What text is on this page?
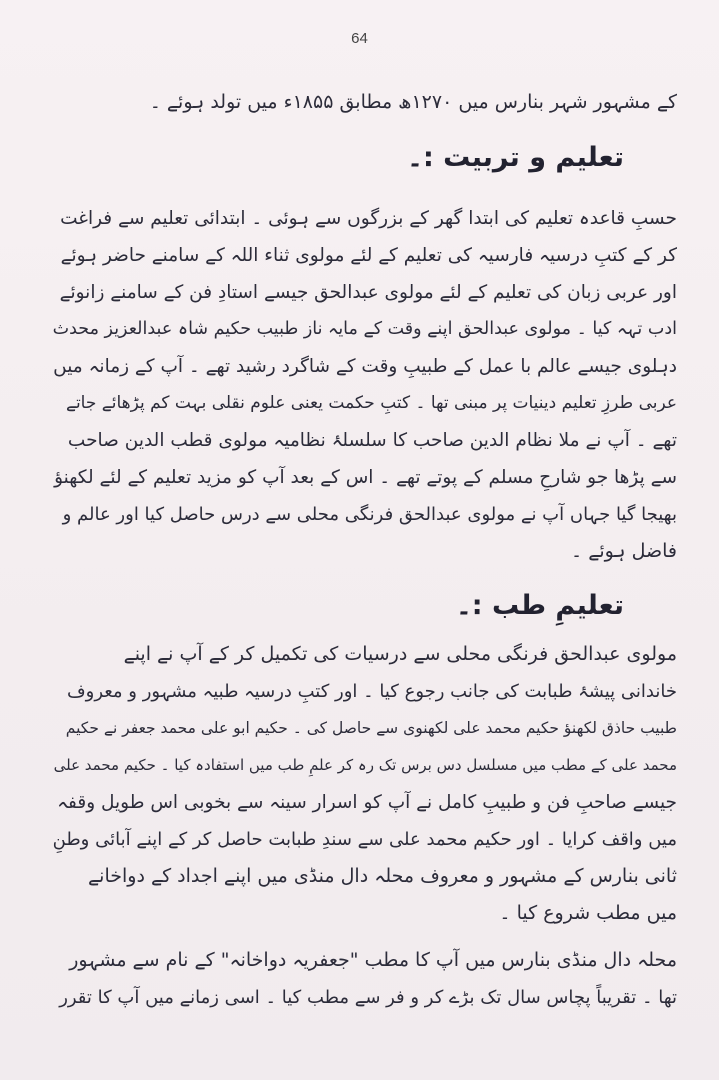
64
کے مشہور شہر بنارس میں ۱۲۷۰ھ مطابق ۱۸۵۵ء میں تولد ہوئے ۔
تعلیم و تربیت :۔
حسبِ قاعدہ تعلیم کی ابتدا گھر کے بزرگوں سے ہوئی ۔ ابتدائی تعلیم سے فراغت
کر کے کتبِ درسیہ فارسیہ کی تعلیم کے لئے مولوی ثناء اللہ کے سامنے حاضر ہوئے
اور عربی زبان کی تعلیم کے لئے مولوی عبدالحق جیسے استادِ فن کے سامنے زانوئے
ادب تہہ کیا ۔ مولوی عبدالحق اپنے وقت کے مایہ ناز طبیب حکیم شاہ عبدالعزیز محدث
دہلوی جیسے عالم با عمل کے طبیبِ وقت کے شاگرد رشید تھے ۔ آپ کے زمانہ میں
عربی طرزِ تعلیم دینیات پر مبنی تھا ۔ کتبِ حکمت یعنی علوم نقلی بہت کم پڑھائے جاتے
تھے ۔ آپ نے ملا نظام الدین صاحب کا سلسلۂ نظامیہ مولوی قطب الدین صاحب
سے پڑھا جو شارحِ مسلم کے پوتے تھے ۔ اس کے بعد آپ کو مزید تعلیم کے لئے لکھنؤ
بھیجا گیا جہاں آپ نے مولوی عبدالحق فرنگی محلی سے درس حاصل کیا اور عالم و
فاضل ہوئے ۔
تعلیمِ طب :۔
مولوی عبدالحق فرنگی محلی سے درسیات کی تکمیل کر کے آپ نے اپنے
خاندانی پیشۂ طبابت کی جانب رجوع کیا ۔ اور کتبِ درسیہ طبیہ مشہور و معروف
طبیب حاذق لکھنؤ حکیم محمد علی لکھنوی سے حاصل کی ۔ حکیم ابو علی محمد جعفر نے حکیم
محمد علی کے مطب میں مسلسل دس برس تک رہ کر علمِ طب میں استفادہ کیا ۔ حکیم محمد علی
جیسے صاحبِ فن و طبیبِ کامل نے آپ کو اسرار سینہ سے بخوبی اس طویل وقفہ
میں واقف کرایا ۔ اور حکیم محمد علی سے سندِ طبابت حاصل کر کے اپنے آبائی وطنِ
ثانی بنارس کے مشہور و معروف محلہ دال منڈی میں اپنے اجداد کے دواخانے
میں مطب شروع کیا ۔
محلہ دال منڈی بنارس میں آپ کا مطب "جعفریہ دواخانہ" کے نام سے مشہور
تھا ۔ تقریباً پچاس سال تک بڑے کر و فر سے مطب کیا ۔ اسی زمانے میں آپ کا تقرر
